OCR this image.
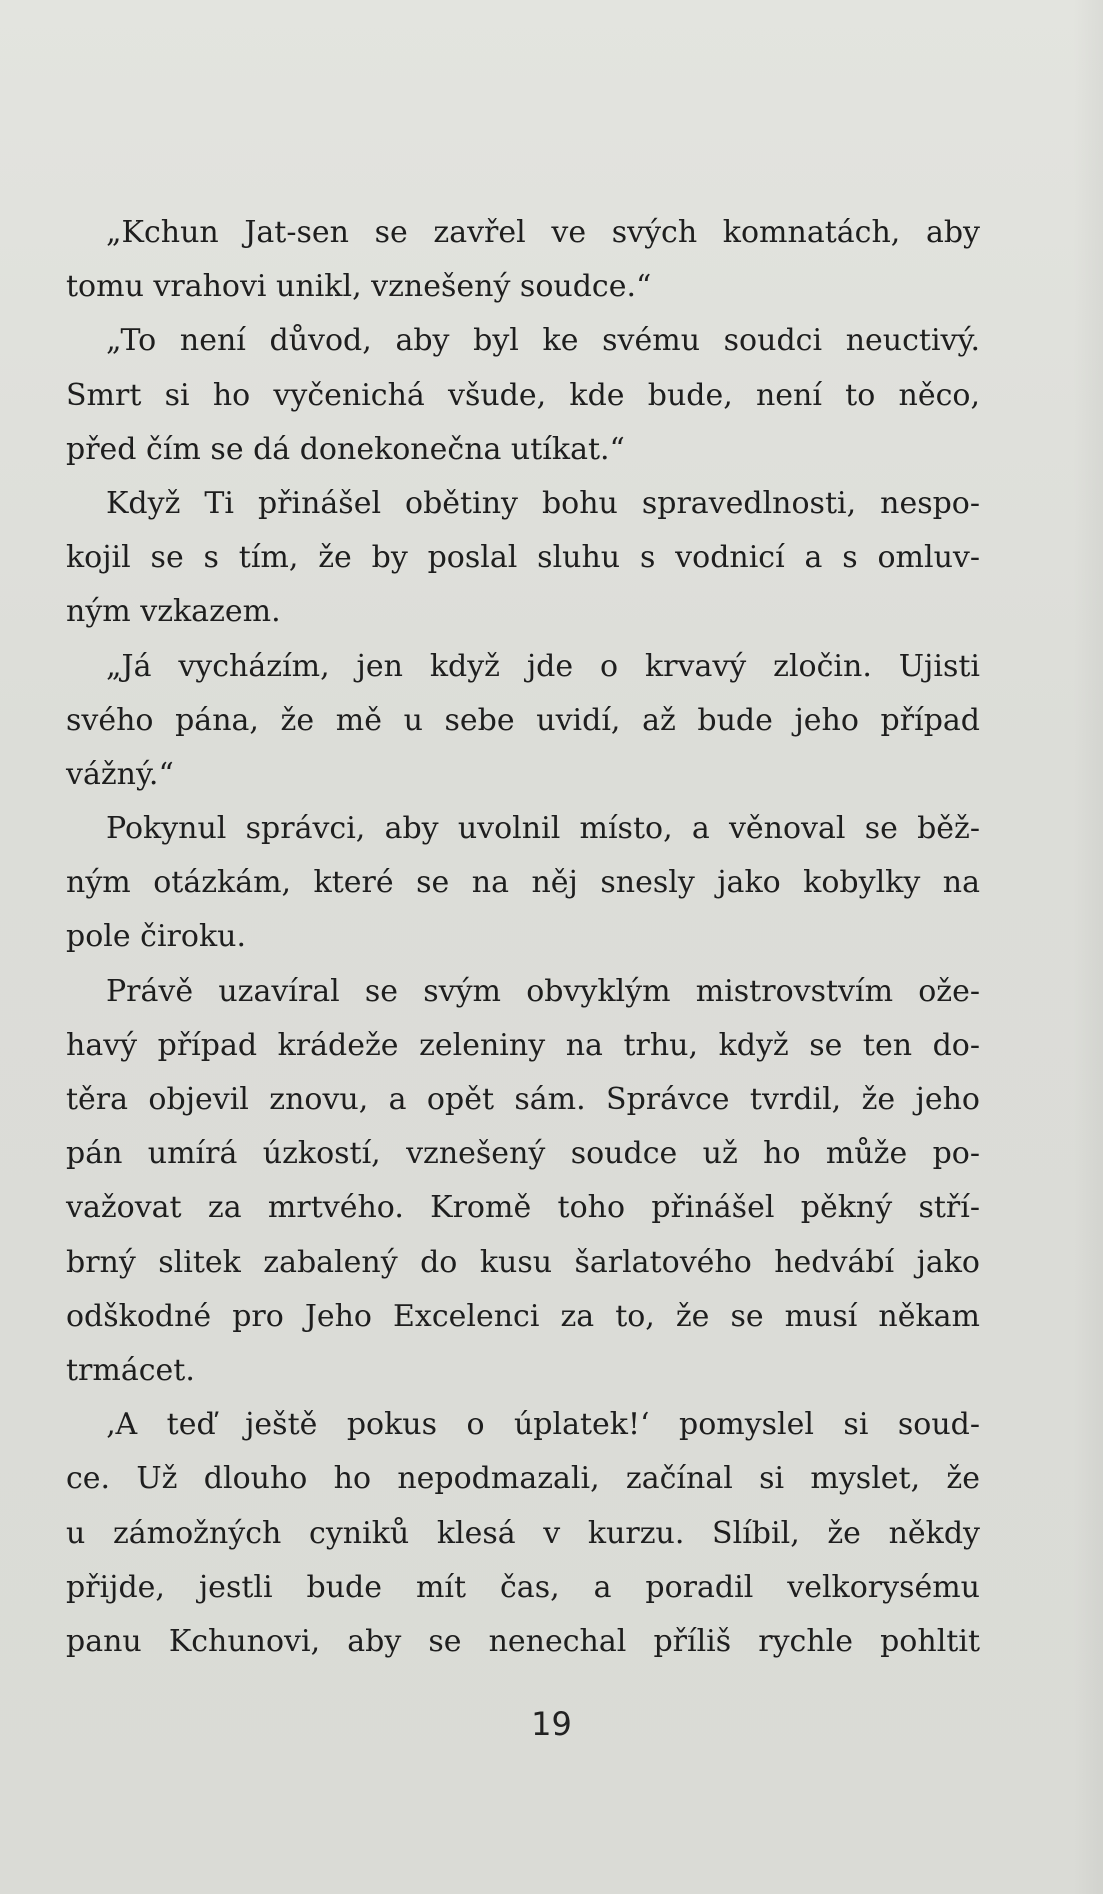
„Kchun Jat-sen se zavřel ve svých komnatách, aby
tomu vrahovi unikl, vznešený soudce.“
„To není důvod, aby byl ke svému soudci neuctivý.
Smrt si ho vyčenichá všude, kde bude, není to něco,
před čím se dá donekonečna utíkat.“
Když Ti přinášel obětiny bohu spravedlnosti, nespo-
kojil se s tím, že by poslal sluhu s vodnicí a s omluv-
ným vzkazem.
„Já vycházím, jen když jde o krvavý zločin. Ujisti
svého pána, že mě u sebe uvidí, až bude jeho případ
vážný.“
Pokynul správci, aby uvolnil místo, a věnoval se běž-
ným otázkám, které se na něj snesly jako kobylky na
pole čiroku.
Právě uzavíral se svým obvyklým mistrovstvím ože-
havý případ krádeže zeleniny na trhu, když se ten do-
těra objevil znovu, a opět sám. Správce tvrdil, že jeho
pán umírá úzkostí, vznešený soudce už ho může po-
važovat za mrtvého. Kromě toho přinášel pěkný stří-
brný slitek zabalený do kusu šarlatového hedvábí jako
odškodné pro Jeho Excelenci za to, že se musí někam
trmácet.
‚A teď ještě pokus o úplatek!‘ pomyslel si soud-
ce. Už dlouho ho nepodmazali, začínal si myslet, že
u zámožných cyniků klesá v kurzu. Slíbil, že někdy
přijde, jestli bude mít čas, a poradil velkorysému
panu Kchunovi, aby se nenechal příliš rychle pohltit
19
